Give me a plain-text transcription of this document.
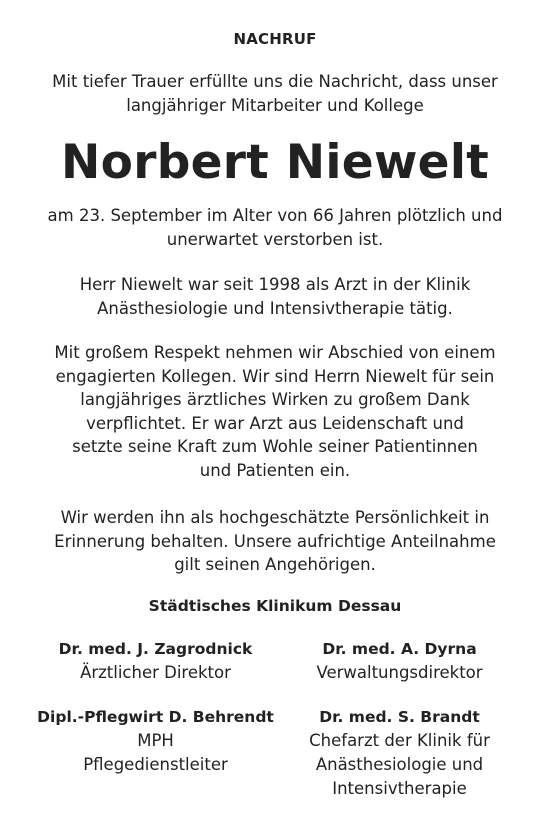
NACHRUF
Mit tiefer Trauer erfüllte uns die Nachricht, dass unser
langjähriger Mitarbeiter und Kollege
Norbert Niewelt
am 23. September im Alter von 66 Jahren plötzlich und
unerwartet verstorben ist.
Herr Niewelt war seit 1998 als Arzt in der Klinik
Anästhesiologie und Intensivtherapie tätig.
Mit großem Respekt nehmen wir Abschied von einem
engagierten Kollegen. Wir sind Herrn Niewelt für sein
langjähriges ärztliches Wirken zu großem Dank
verpflichtet. Er war Arzt aus Leidenschaft und
setzte seine Kraft zum Wohle seiner Patientinnen
und Patienten ein.
Wir werden ihn als hochgeschätzte Persönlichkeit in
Erinnerung behalten. Unsere aufrichtige Anteilnahme
gilt seinen Angehörigen.
Städtisches Klinikum Dessau
Dr. med. J. Zagrodnick
Ärztlicher Direktor
Dr. med. A. Dyrna
Verwaltungsdirektor
Dipl.-Pflegwirt D. Behrendt
MPH
Pflegedienstleiter
Dr. med. S. Brandt
Chefarzt der Klinik für
Anästhesiologie und
Intensivtherapie
